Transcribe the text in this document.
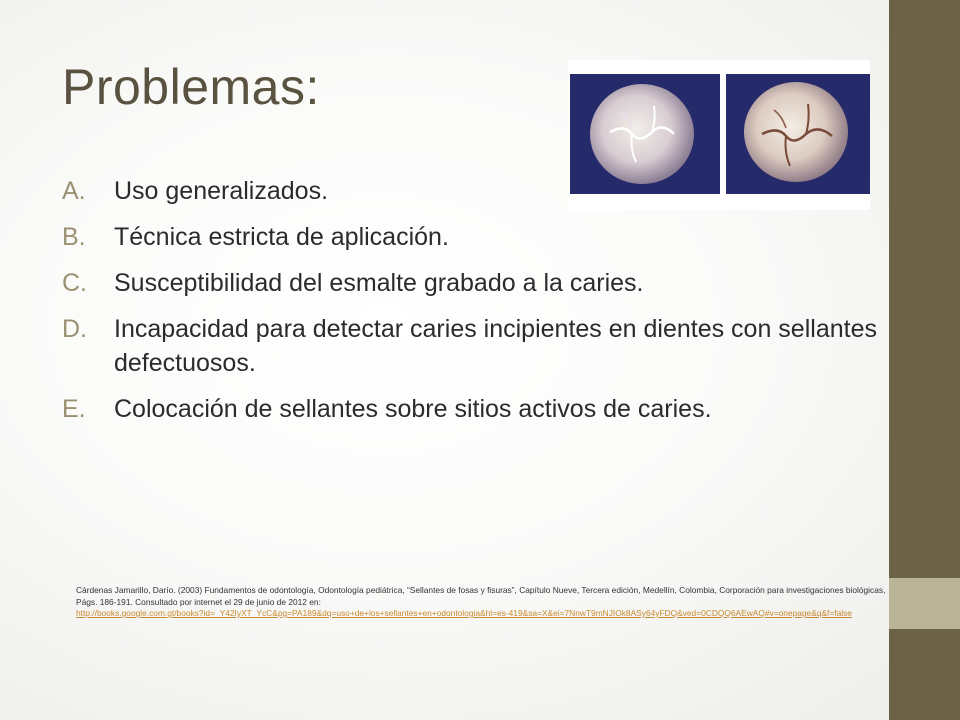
Problemas:
A.	Uso generalizados.
B.	Técnica estricta de aplicación.
C.	Susceptibilidad del esmalte grabado a la caries.
D.	Incapacidad para detectar caries incipientes en dientes con sellantes defectuosos.
E.	Colocación de sellantes sobre sitios activos de caries.
Cárdenas Jamarillo, Darío. (2003) Fundamentos de odontología, Odontología pediátrica, “Sellantes de fosas y fisuras”, Capítulo Nueve, Tercera edición, Medellín, Colombia, Corporación para investigaciones biológicas, Págs. 186-191. Consultado por internet el 29 de junio de 2012 en:
http://books.google.com.gt/books?id=_Y42IyXT_YcC&pg=PA189&dq=uso+de+los+sellantes+en+odontologia&hl=es-419&sa=X&ei=7NnwT9mNJIOk8ASy64yFDQ&ved=0CDQQ6AEwAQ#v=onepage&q&f=false
